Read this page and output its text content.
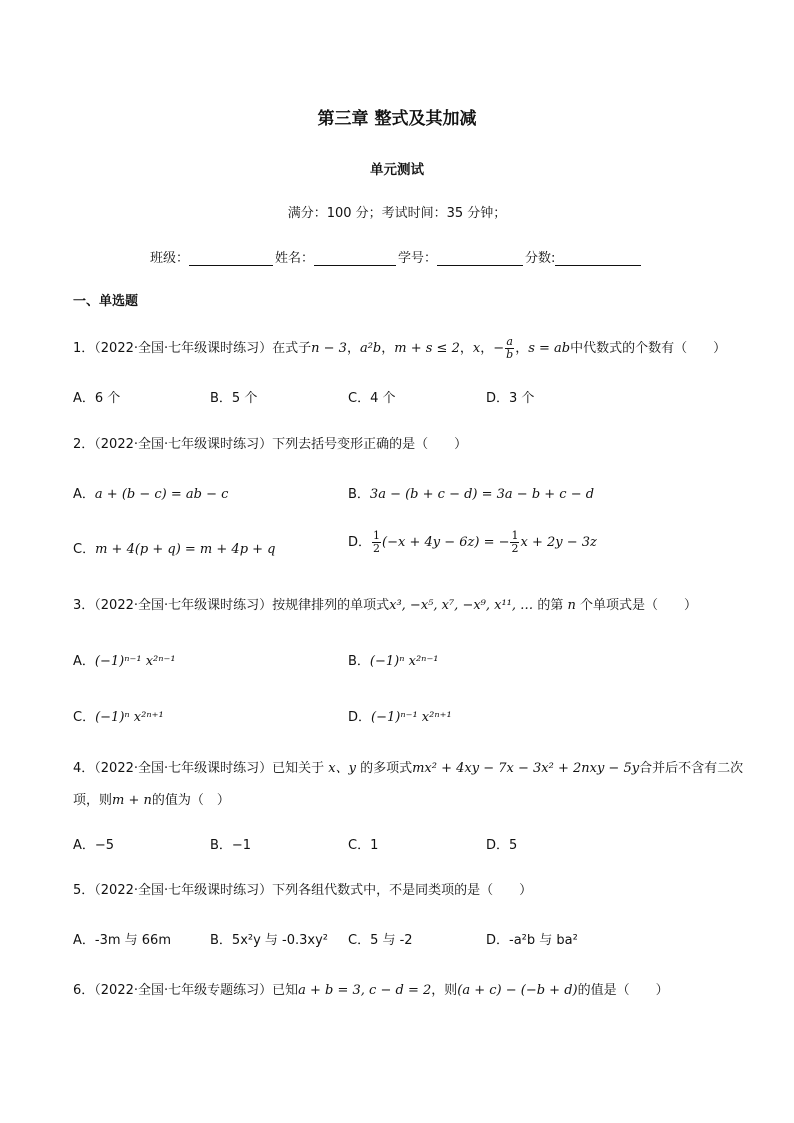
第三章 整式及其加减
单元测试
满分：100 分；考试时间：35 分钟；
班级：	姓名：	学号：	分数:
一、单选题
1．（2022·全国·七年级课时练习）在式子n − 3，a²b，m + s ≤ 2，x，− $\frac{a}{b}$ ，s = ab中代数式的个数有（　　）
A．6 个	B．5 个	C．4 个	D．3 个
2．（2022·全国·七年级课时练习）下列去括号变形正确的是（　　）
A．a + (b − c) = ab − c	B．3a − (b + c − d) = 3a − b + c − d
C．m + 4(p + q) = m + 4p + q	D． $\frac{1}{2} (-x + 4y - 6z)$ = − $\frac{1}{2}$ x + 2y − 3z
3．（2022·全国·七年级课时练习）按规律排列的单项式x³, −x⁵, x⁷, −x⁹, x¹¹, … 的第 n 个单项式是（　　）
A．(−1)ⁿ⁻¹ x²ⁿ⁻¹	B．(−1)ⁿ x²ⁿ⁻¹
C．(−1)ⁿ x²ⁿ⁺¹	D．(−1)ⁿ⁻¹ x²ⁿ⁺¹
4．（2022·全国·七年级课时练习）已知关于 x、y 的多项式mx² + 4xy − 7x − 3x² + 2nxy − 5y合并后不含有二次
项，则m + n的值为（　）
A．−5	B．−1	C．1	D．5
5．（2022·全国·七年级课时练习）下列各组代数式中，不是同类项的是（　　）
A．-3m 与 66m	B．5x²y 与 -0.3xy² C．5 与 -2	D．-a²b 与 ba²
6．（2022·全国·七年级专题练习）已知a + b = 3, c − d = 2，则(a + c) − (−b + d)的值是（　　）
